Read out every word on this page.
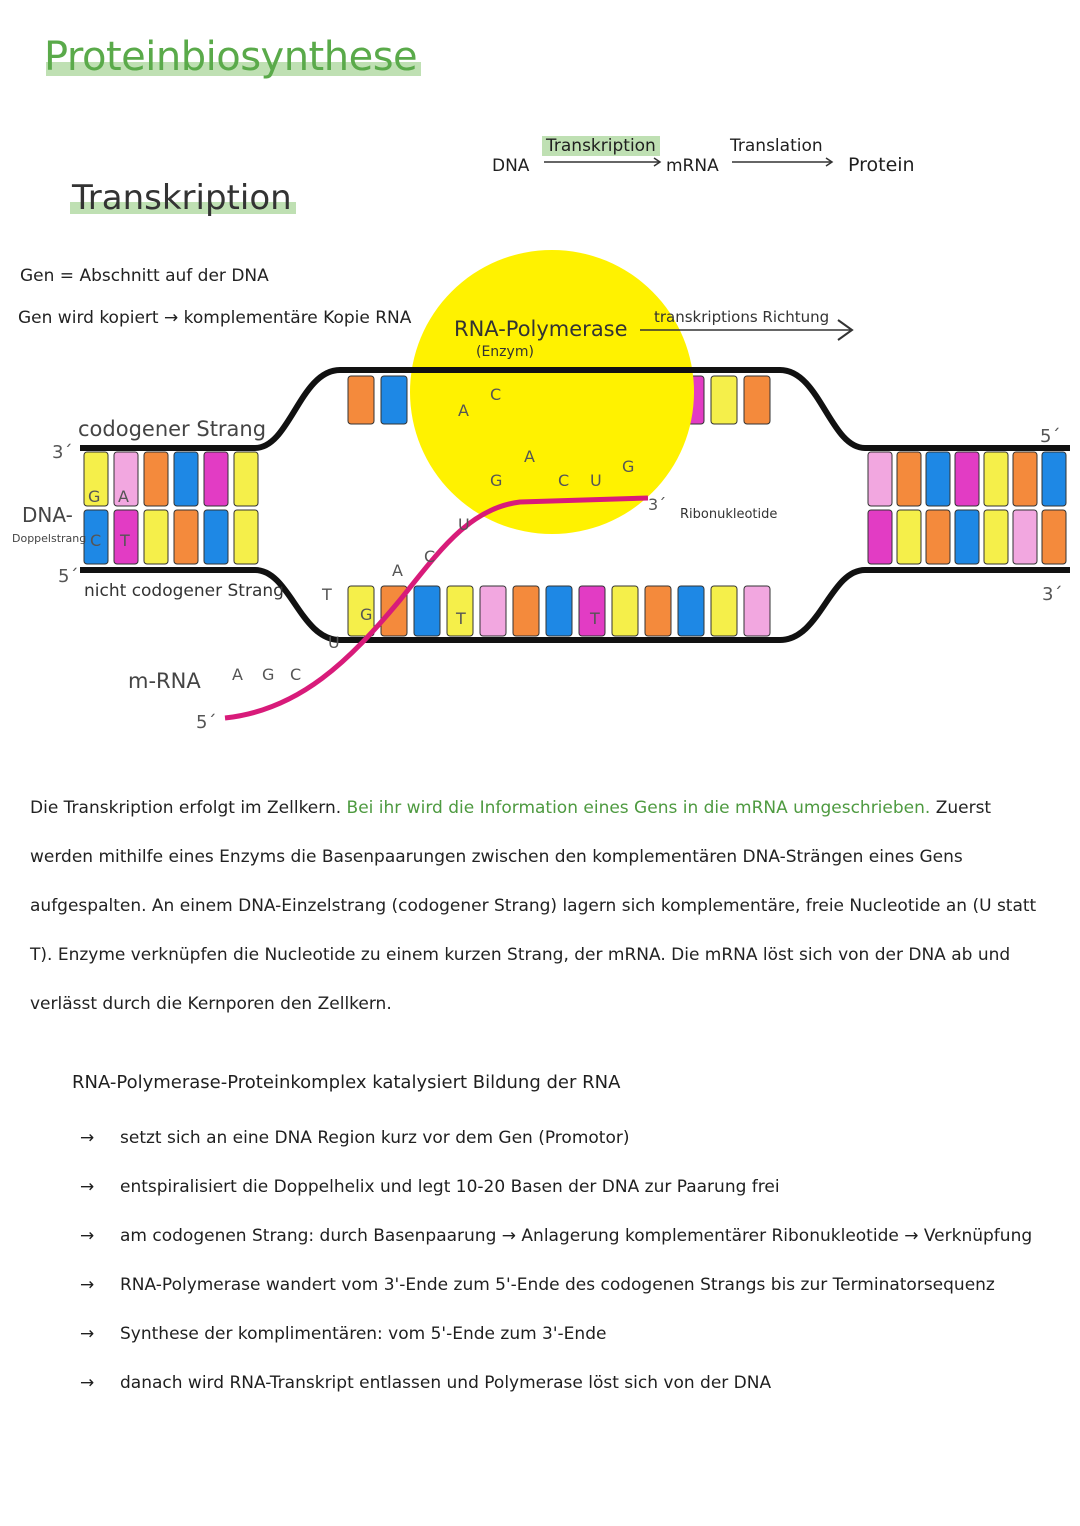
Proteinbiosynthese
Transkription
DNA
Transkription
mRNA
Translation
Protein
Gen = Abschnitt auf der DNA
Gen wird kopiert → komplementäre Kopie RNA
G A
C T
A
C
G
A
C U
G
U
C
A
G
U
A G C
T
T	T
RNA-Polymerase
(Enzym)
transkriptions Richtung
codogener Strang
3´
DNA-
Doppelstrang
5´
nicht codogener Strang
m-RNA
5´
3´
Ribonukleotide
5´
3´
Die Transkription erfolgt im Zellkern. Bei ihr wird die Information eines Gens in die mRNA umgeschrieben. Zuerst werden mithilfe eines Enzyms die Basenpaarungen zwischen den komplementären DNA-Strängen eines Gens aufgespalten. An einem DNA-Einzelstrang (codogener Strang) lagern sich komplementäre, freie Nucleotide an (U statt T). Enzyme verknüpfen die Nucleotide zu einem kurzen Strang, der mRNA. Die mRNA löst sich von der DNA ab und verlässt durch die Kernporen den Zellkern.
RNA-Polymerase-Proteinkomplex katalysiert Bildung der RNA
→	setzt sich an eine DNA Region kurz vor dem Gen (Promotor)
→	entspiralisiert die Doppelhelix und legt 10-20 Basen der DNA zur Paarung frei
→	am codogenen Strang: durch Basenpaarung → Anlagerung komplementärer Ribonukleotide → Verknüpfung
→	RNA-Polymerase wandert vom 3'-Ende zum 5'-Ende des codogenen Strangs bis zur Terminatorsequenz
→	Synthese der komplimentären: vom 5'-Ende zum 3'-Ende
→	danach wird RNA-Transkript entlassen und Polymerase löst sich von der DNA
